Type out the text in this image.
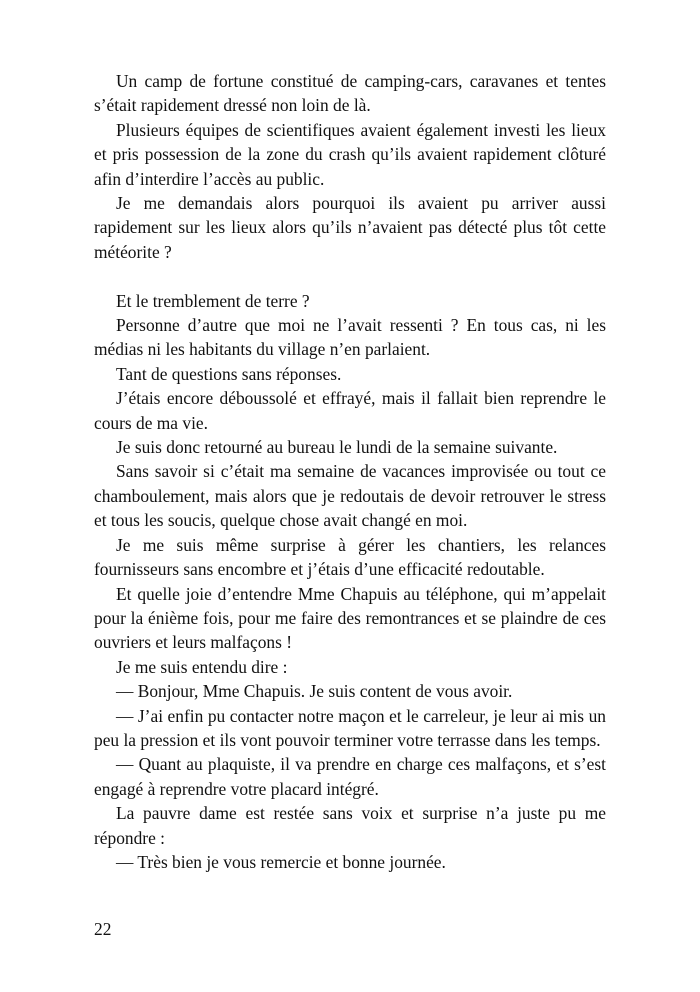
Un camp de fortune constitué de camping-cars, caravanes et tentes s’était rapidement dressé non loin de là.

Plusieurs équipes de scientifiques avaient également investi les lieux et pris possession de la zone du crash qu’ils avaient rapidement clôturé afin d’interdire l’accès au public.

Je me demandais alors pourquoi ils avaient pu arriver aussi rapidement sur les lieux alors qu’ils n’avaient pas détecté plus tôt cette météorite ?

Et le tremblement de terre ?

Personne d’autre que moi ne l’avait ressenti ? En tous cas, ni les médias ni les habitants du village n’en parlaient.

Tant de questions sans réponses.

J’étais encore déboussolé et effrayé, mais il fallait bien reprendre le cours de ma vie.

Je suis donc retourné au bureau le lundi de la semaine suivante.

Sans savoir si c’était ma semaine de vacances improvisée ou tout ce chamboulement, mais alors que je redoutais de devoir retrouver le stress et tous les soucis, quelque chose avait changé en moi.

Je me suis même surprise à gérer les chantiers, les relances fournisseurs sans encombre et j’étais d’une efficacité redoutable.

Et quelle joie d’entendre Mme Chapuis au téléphone, qui m’appelait pour la énième fois, pour me faire des remontrances et se plaindre de ces ouvriers et leurs malfaçons !

Je me suis entendu dire :

— Bonjour, Mme Chapuis. Je suis content de vous avoir.

— J’ai enfin pu contacter notre maçon et le carreleur, je leur ai mis un peu la pression et ils vont pouvoir terminer votre terrasse dans les temps.

— Quant au plaquiste, il va prendre en charge ces malfaçons, et s’est engagé à reprendre votre placard intégré.

La pauvre dame est restée sans voix et surprise n’a juste pu me répondre :

— Très bien je vous remercie et bonne journée.

22
